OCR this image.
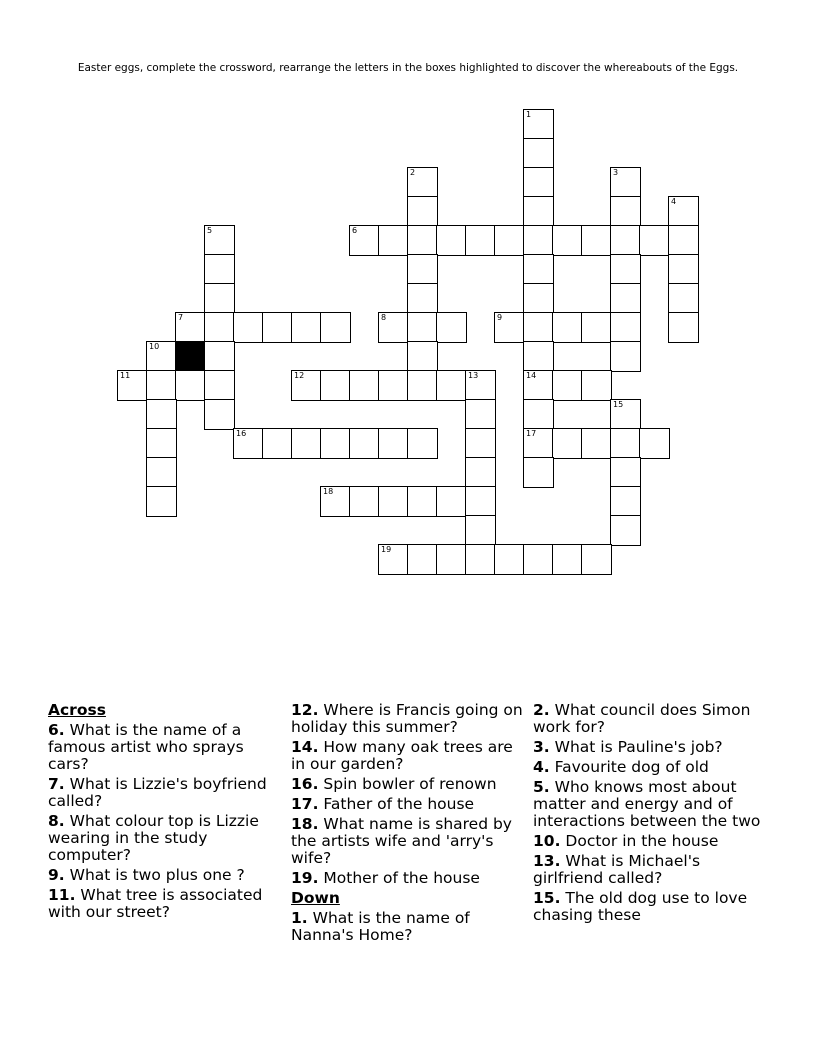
Easter eggs, complete the crossword, rearrange the letters in the boxes highlighted to discover the whereabouts of the Eggs.
1
2	3
4
5	6
7	8	9
10
11	12	13	14
15
16	17
18
19
Across
6. What is the name of a famous artist who sprays cars?
7. What is Lizzie's boyfriend called?
8. What colour top is Lizzie wearing in the study computer?
9. What is two plus one ?
11. What tree is associated with our street?
12. Where is Francis going on holiday this summer?
14. How many oak trees are in our garden?
16. Spin bowler of renown
17. Father of the house
18. What name is shared by the artists wife and 'arry's wife?
19. Mother of the house
Down
1. What is the name of Nanna's Home?
2. What council does Simon work for?
3. What is Pauline's job?
4. Favourite dog of old
5. Who knows most about matter and energy and of interactions between the two
10. Doctor in the house
13. What is Michael's girlfriend called?
15. The old dog use to love chasing these
